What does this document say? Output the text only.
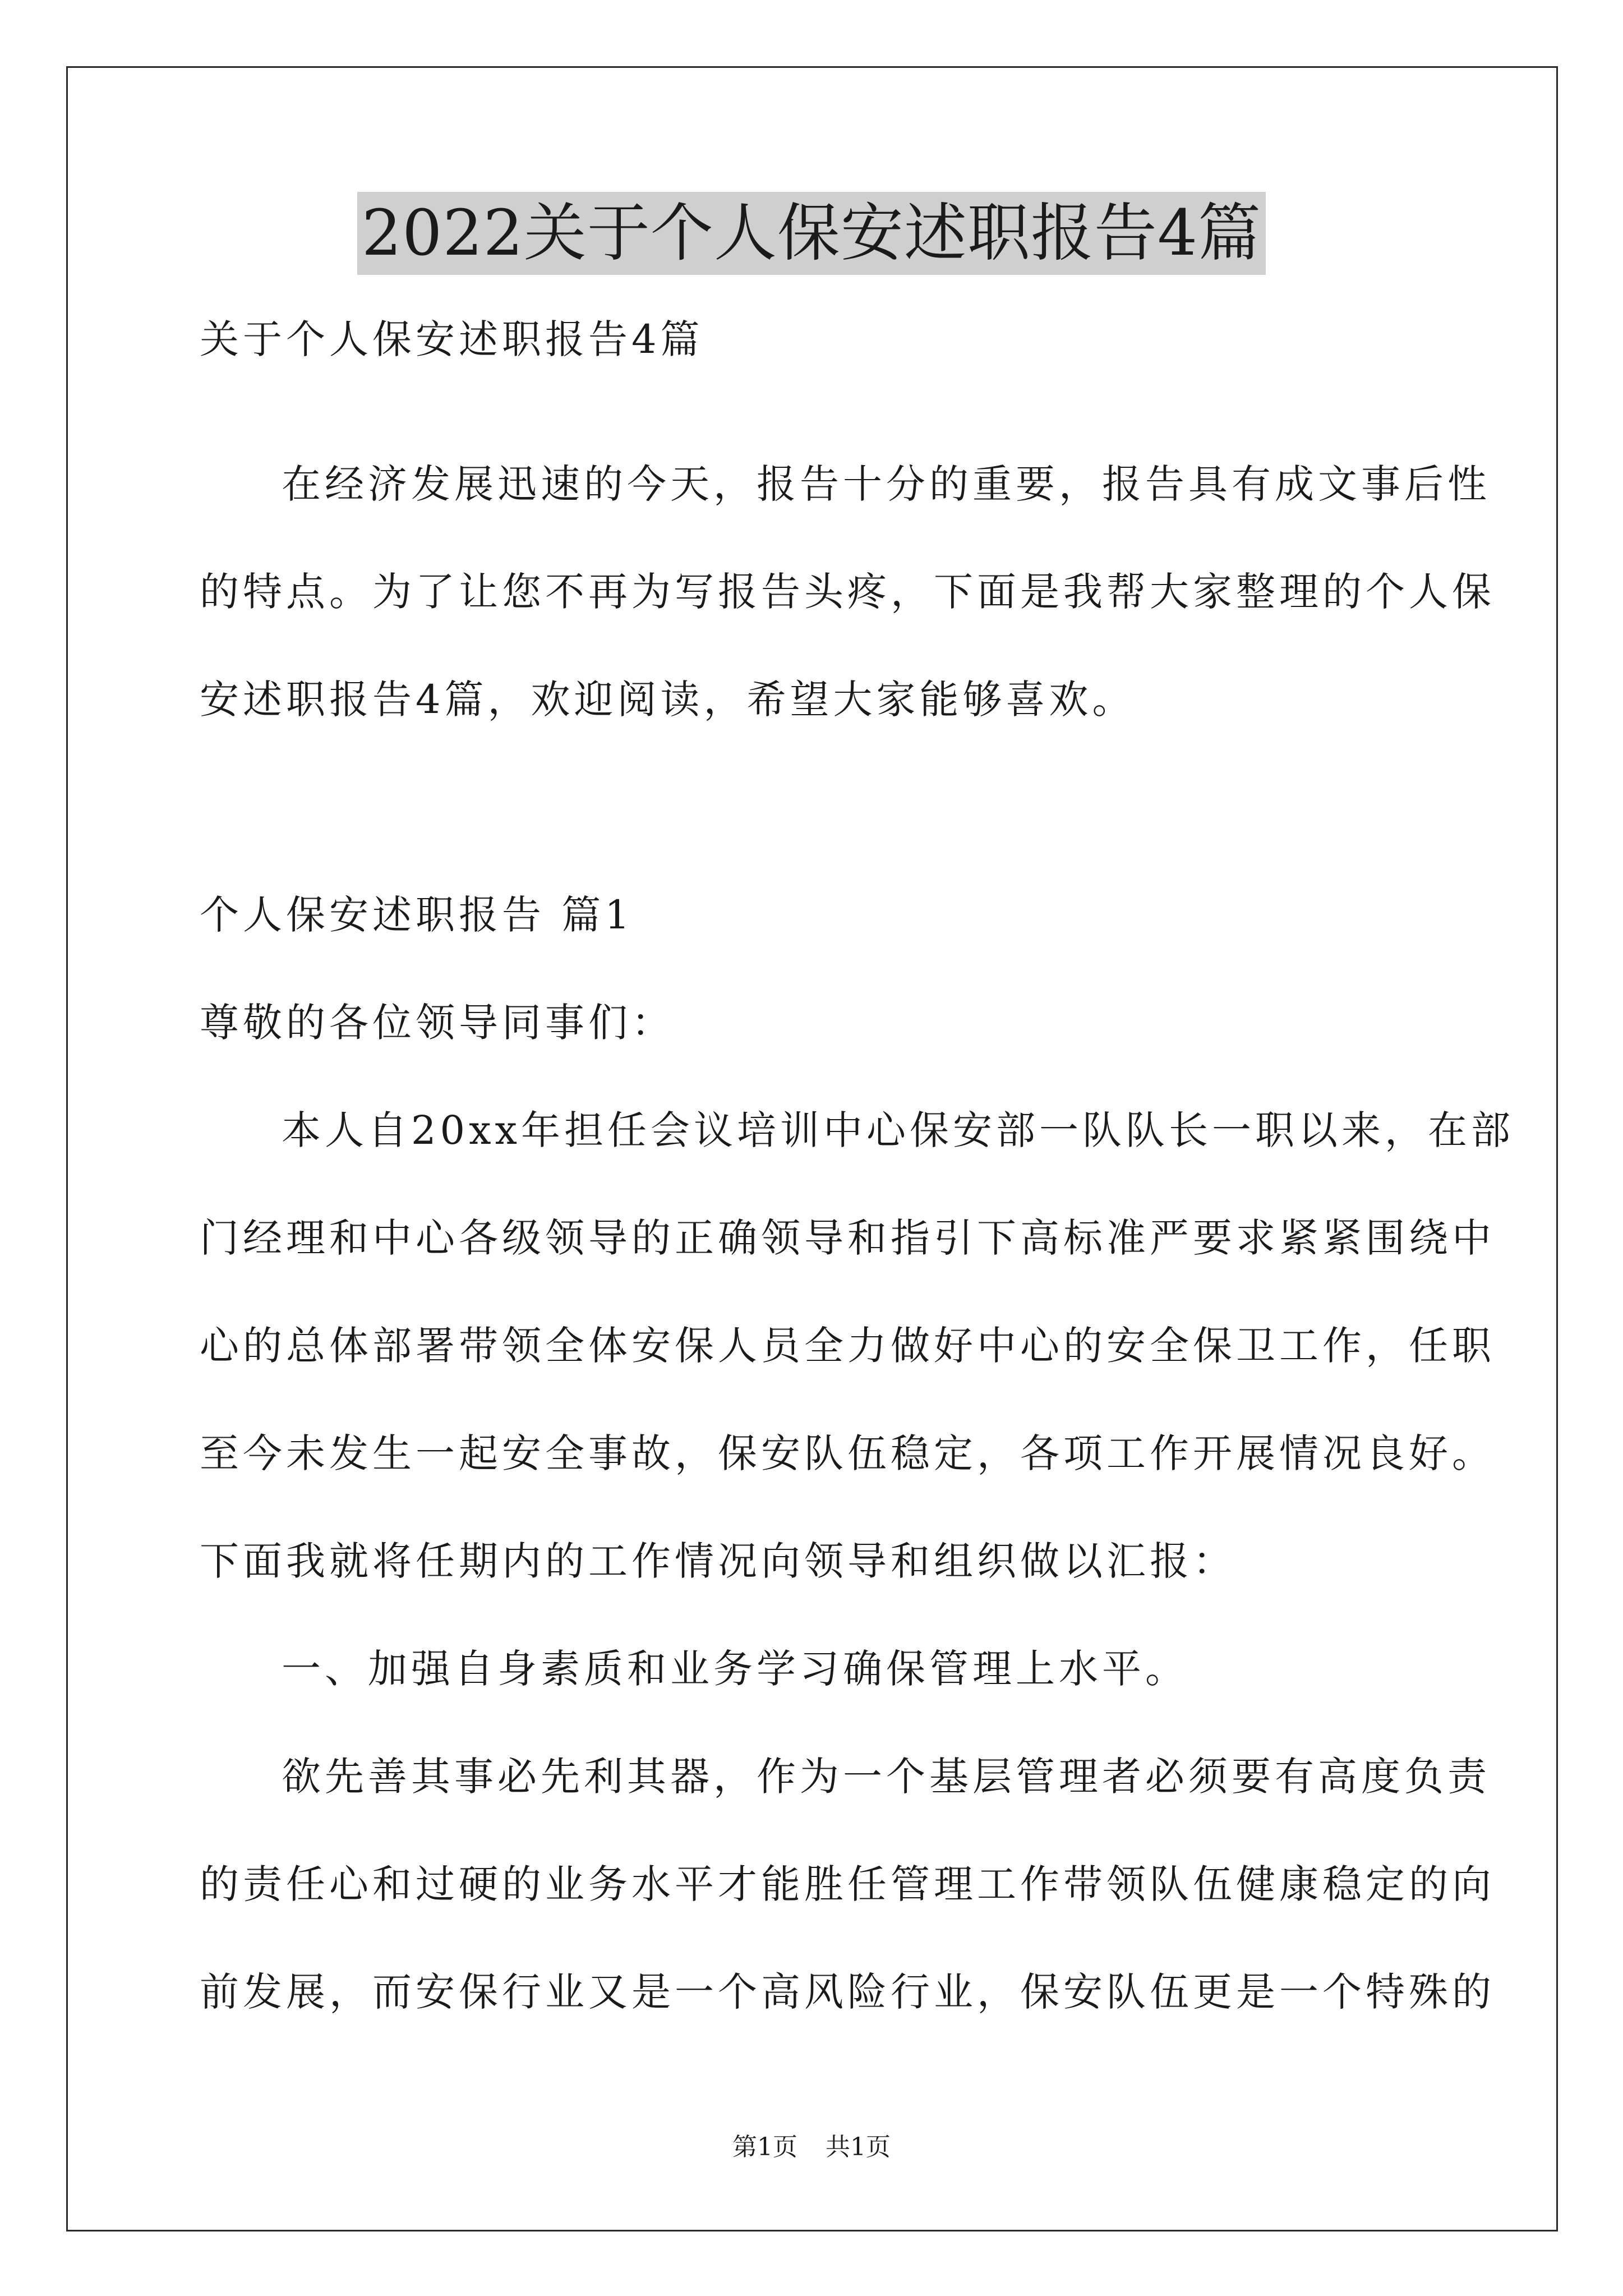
2022关于个人保安述职报告4篇
关于个人保安述职报告4篇
在经济发展迅速的今天，报告十分的重要，报告具有成文事后性
的特点。为了让您不再为写报告头疼，下面是我帮大家整理的个人保
安述职报告4篇，欢迎阅读，希望大家能够喜欢。
个人保安述职报告 篇1
尊敬的各位领导同事们：
本人自20xx年担任会议培训中心保安部一队队长一职以来，在部
门经理和中心各级领导的正确领导和指引下高标准严要求紧紧围绕中
心的总体部署带领全体安保人员全力做好中心的安全保卫工作，任职
至今未发生一起安全事故，保安队伍稳定，各项工作开展情况良好。
下面我就将任期内的工作情况向领导和组织做以汇报：
一、加强自身素质和业务学习确保管理上水平。
欲先善其事必先利其器，作为一个基层管理者必须要有高度负责
的责任心和过硬的业务水平才能胜任管理工作带领队伍健康稳定的向
前发展，而安保行业又是一个高风险行业，保安队伍更是一个特殊的
第1页 共1页
